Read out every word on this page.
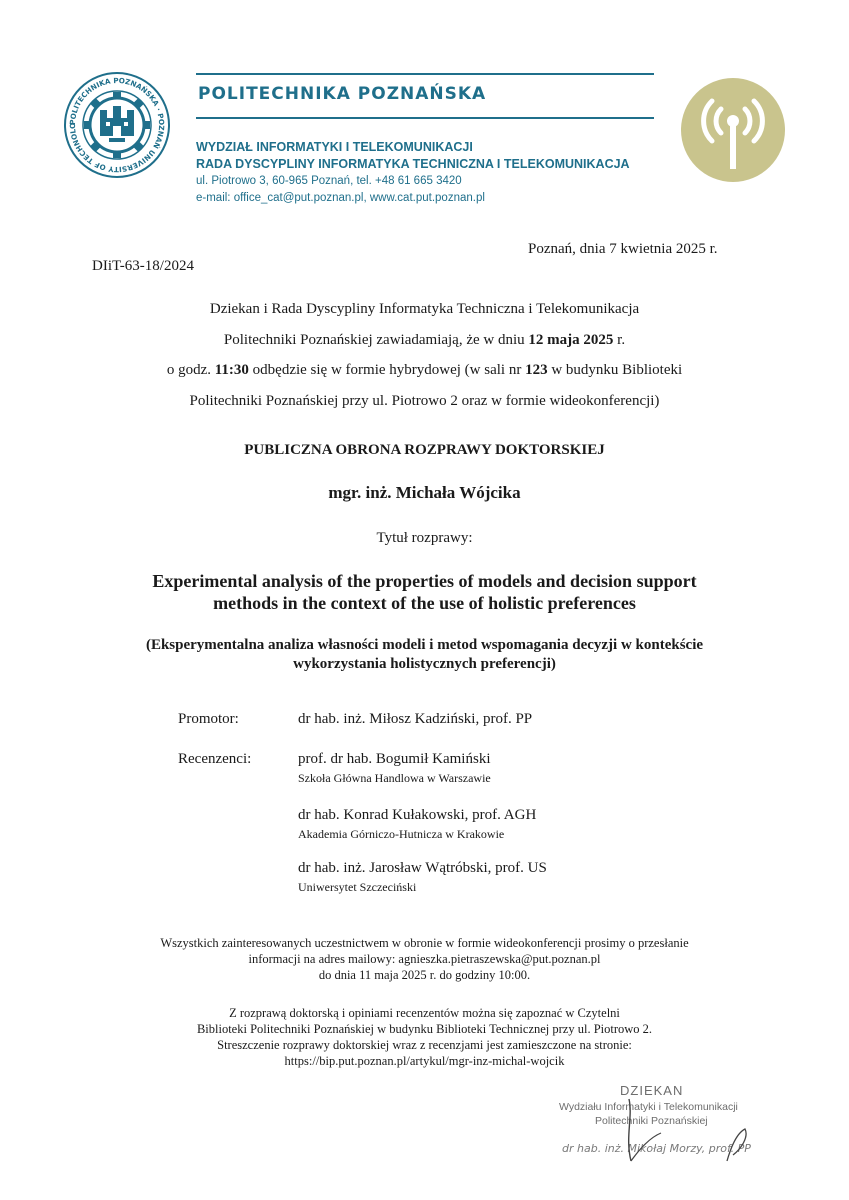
POLITECHNIKA POZNAŃSKA · POZNAŃ UNIVERSITY OF TECHNOLO
POLITECHNIKA POZNAŃSKA
WYDZIAŁ INFORMATYKI I TELEKOMUNIKACJI
RADA DYSCYPLINY INFORMATYKA TECHNICZNA I TELEKOMUNIKACJA
ul. Piotrowo 3, 60-965 Poznań, tel. +48 61 665 3420
e-mail: office_cat@put.poznan.pl, www.cat.put.poznan.pl
Poznań, dnia 7 kwietnia 2025 r.
DIiT-63-18/2024
Dziekan i Rada Dyscypliny Informatyka Techniczna i Telekomunikacja
Politechniki Poznańskiej zawiadamiają, że w dniu 12 maja 2025 r.
o godz. 11:30 odbędzie się w formie hybrydowej (w sali nr 123 w budynku Biblioteki
Politechniki Poznańskiej przy ul. Piotrowo 2 oraz w formie wideokonferencji)
PUBLICZNA OBRONA ROZPRAWY DOKTORSKIEJ
mgr. inż. Michała Wójcika
Tytuł rozprawy:
Experimental analysis of the properties of models and decision support
methods in the context of the use of holistic preferences
(Eksperymentalna analiza własności modeli i metod wspomagania decyzji w kontekście
wykorzystania holistycznych preferencji)
Promotor:	dr hab. inż. Miłosz Kadziński, prof. PP
Recenzenci:	prof. dr hab. Bogumił Kamiński
Szkoła Główna Handlowa w Warszawie
dr hab. Konrad Kułakowski, prof. AGH
Akademia Górniczo-Hutnicza w Krakowie
dr hab. inż. Jarosław Wątróbski, prof. US
Uniwersytet Szczeciński
Wszystkich zainteresowanych uczestnictwem w obronie w formie wideokonferencji prosimy o przesłanie
informacji na adres mailowy: agnieszka.pietraszewska@put.poznan.pl
do dnia 11 maja 2025 r. do godziny 10:00.
Z rozprawą doktorską i opiniami recenzentów można się zapoznać w Czytelni
Biblioteki Politechniki Poznańskiej w budynku Biblioteki Technicznej przy ul. Piotrowo 2.
Streszczenie rozprawy doktorskiej wraz z recenzjami jest zamieszczone na stronie:
https://bip.put.poznan.pl/artykul/mgr-inz-michal-wojcik
DZIEKAN
Wydziału Informatyki i Telekomunikacji
Politechniki Poznańskiej
dr hab. inż. Mikołaj Morzy, prof. PP
